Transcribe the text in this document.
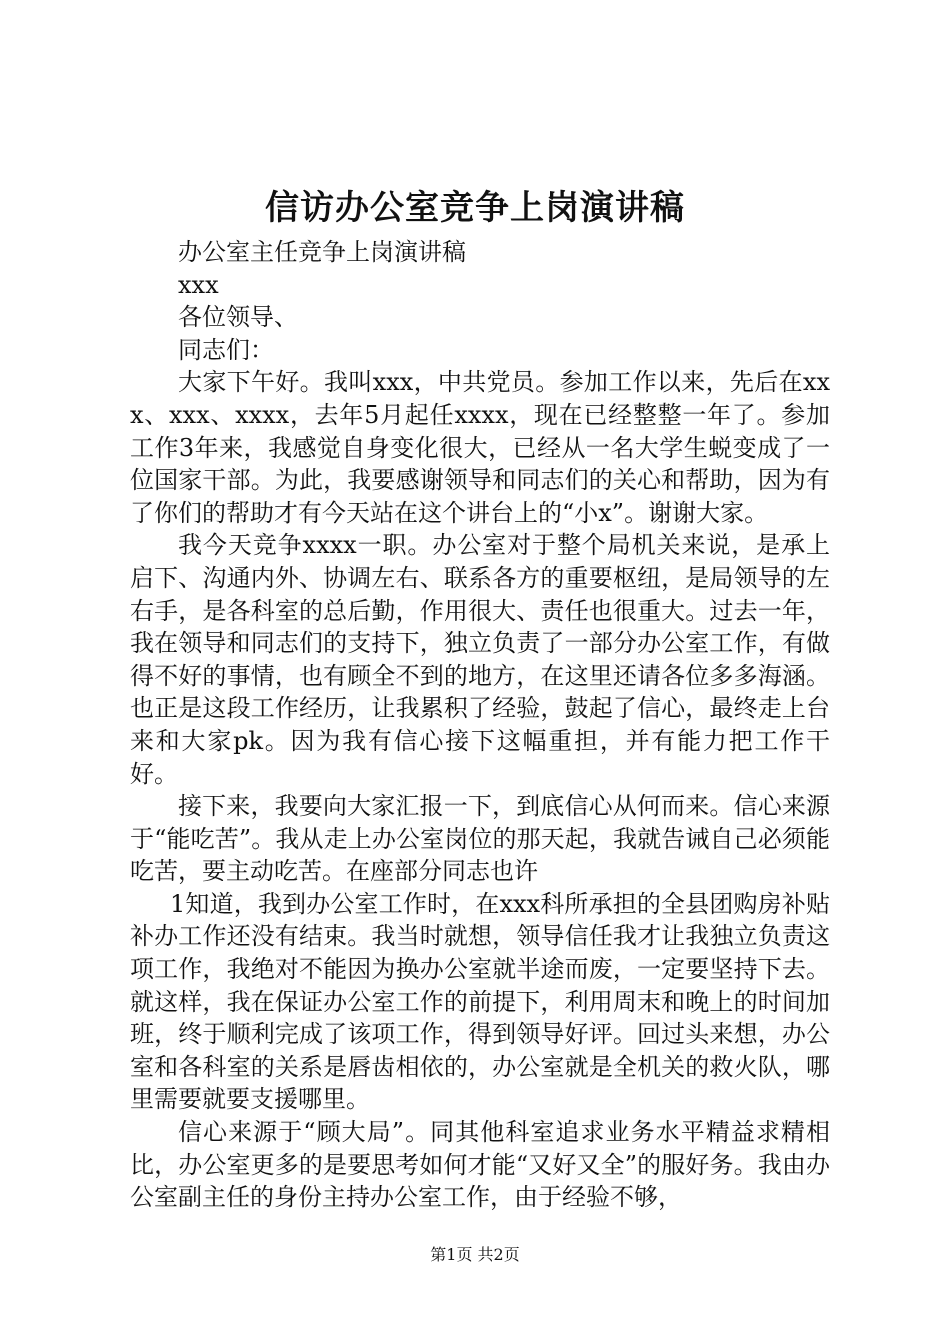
信访办公室竞争上岗演讲稿

办公室主任竞争上岗演讲稿

xxx

各位领导、

同志们：

大家下午好。我叫xxx，中共党员。参加工作以来，先后在xxx、xxx、xxxx，去年5月起任xxxx，现在已经整整一年了。参加工作3年来，我感觉自身变化很大，已经从一名大学生蜕变成了一位国家干部。为此，我要感谢领导和同志们的关心和帮助，因为有了你们的帮助才有今天站在这个讲台上的“小x”。谢谢大家。

我今天竞争xxxx一职。办公室对于整个局机关来说，是承上启下、沟通内外、协调左右、联系各方的重要枢纽，是局领导的左右手，是各科室的总后勤，作用很大、责任也很重大。过去一年，我在领导和同志们的支持下，独立负责了一部分办公室工作，有做得不好的事情，也有顾全不到的地方，在这里还请各位多多海涵。也正是这段工作经历，让我累积了经验，鼓起了信心，最终走上台来和大家pk。因为我有信心接下这幅重担，并有能力把工作干好。

接下来，我要向大家汇报一下，到底信心从何而来。信心来源于“能吃苦”。我从走上办公室岗位的那天起，我就告诫自己必须能吃苦，要主动吃苦。在座部分同志也许

1知道，我到办公室工作时，在xxx科所承担的全县团购房补贴补办工作还没有结束。我当时就想，领导信任我才让我独立负责这项工作，我绝对不能因为换办公室就半途而废，一定要坚持下去。就这样，我在保证办公室工作的前提下，利用周末和晚上的时间加班，终于顺利完成了该项工作，得到领导好评。回过头来想，办公室和各科室的关系是唇齿相依的，办公室就是全机关的救火队，哪里需要就要支援哪里。

信心来源于“顾大局”。同其他科室追求业务水平精益求精相比，办公室更多的是要思考如何才能“又好又全”的服好务。我由办公室副主任的身份主持办公室工作，由于经验不够，

第1页 共2页
